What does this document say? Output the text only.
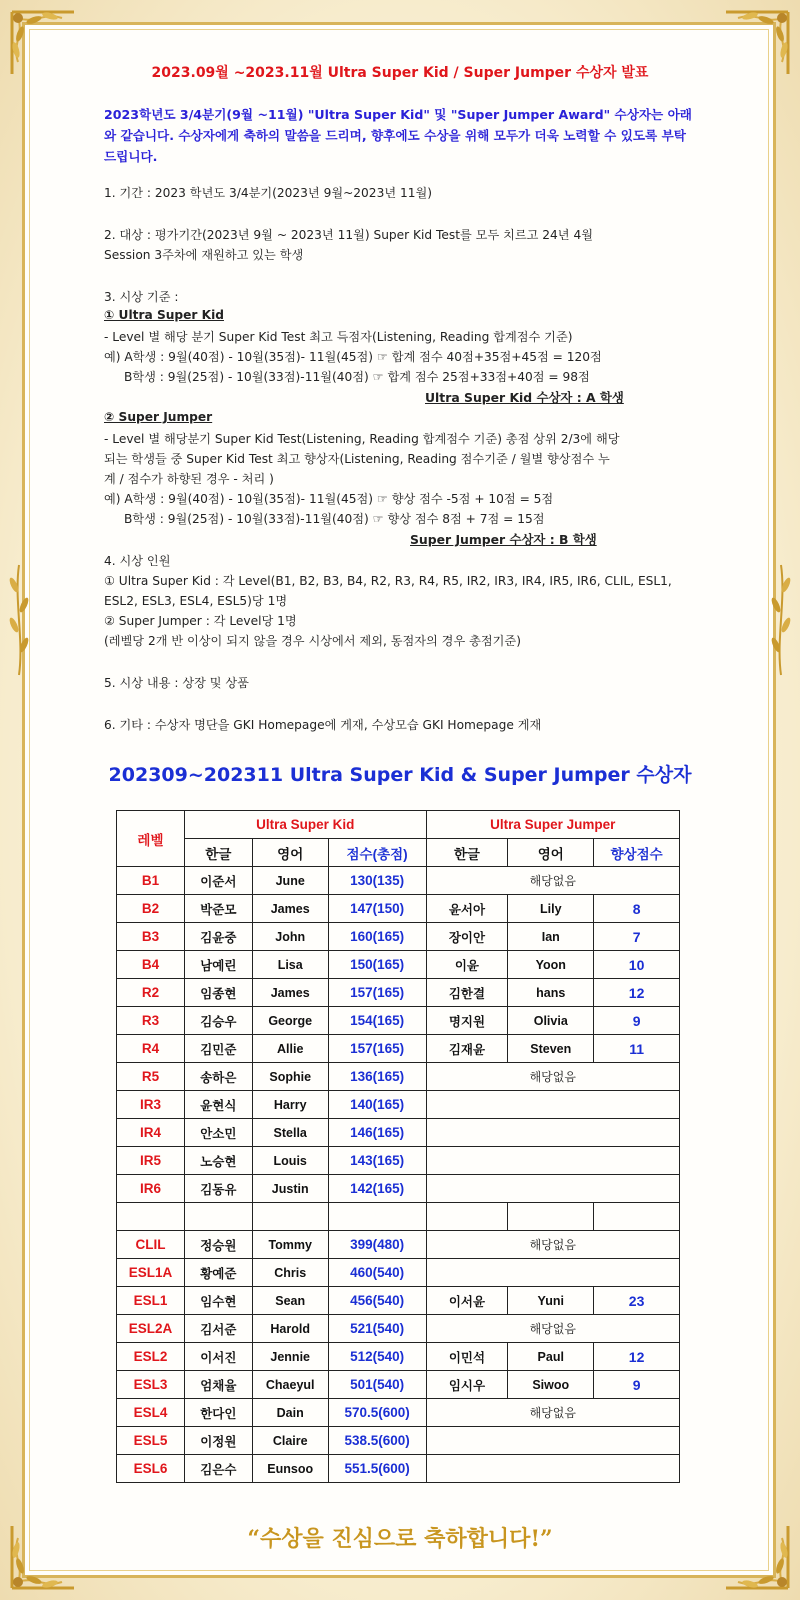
2023.09월 ~2023.11월 Ultra Super Kid / Super Jumper 수상자 발표
2023학년도 3/4분기(9월 ~11월) "Ultra Super Kid" 및 "Super Jumper Award" 수상자는 아래와 같습니다. 수상자에게 축하의 말씀을 드리며, 향후에도 수상을 위해 모두가 더욱 노력할 수 있도록 부탁 드립니다.
1. 기간 : 2023 학년도 3/4분기(2023년 9월~2023년 11월)
2. 대상 : 평가기간(2023년 9월 ~ 2023년 11월) Super Kid Test를 모두 치르고 24년 4월
Session 3주차에 재원하고 있는 학생
3. 시상 기준 :
① Ultra Super Kid
- Level 별 해당 분기 Super Kid Test 최고 득점자(Listening, Reading 합계점수 기준)
예) A학생 : 9월(40점) - 10월(35점)- 11월(45점) ☞ 합계 점수 40점+35점+45점 = 120점
B학생 : 9월(25점) - 10월(33점)-11월(40점) ☞ 합계 점수 25점+33점+40점 = 98점
Ultra Super Kid 수상자 : A 학생
② Super Jumper
- Level 별 해당분기 Super Kid Test(Listening, Reading 합계점수 기준) 총점 상위 2/3에 해당
되는 학생들 중 Super Kid Test 최고 향상자(Listening, Reading 점수기준 / 월별 향상점수 누
계 / 점수가 하향된 경우 - 처리 )
예) A학생 : 9월(40점) - 10월(35점)- 11월(45점) ☞ 향상 점수 -5점 + 10점 = 5점
B학생 : 9월(25점) - 10월(33점)-11월(40점) ☞ 향상 점수 8점 + 7점 = 15점
Super Jumper 수상자 : B 학생
4. 시상 인원
① Ultra Super Kid : 각 Level(B1, B2, B3, B4, R2, R3, R4, R5, IR2, IR3, IR4, IR5, IR6, CLIL, ESL1,
ESL2, ESL3, ESL4, ESL5)당 1명
② Super Jumper : 각 Level당 1명
(레벨당 2개 반 이상이 되지 않을 경우 시상에서 제외, 동점자의 경우 총점기준)
5. 시상 내용 : 상장 및 상품
6. 기타 : 수상자 명단을 GKI Homepage에 게재, 수상모습 GKI Homepage 게재
202309~202311 Ultra Super Kid & Super Jumper 수상자
레벨	Ultra Super Kid			Ultra Super Jumper		
	한글	영어	점수(총점)	한글	영어	향상점수
B1	이준서	June	130(135)	해당없음		
B2	박준모	James	147(150)	윤서아	Lily	8
B3	김윤중	John	160(165)	장이안	Ian	7
B4	남예린	Lisa	150(165)	이윤	Yoon	10
R2	임종현	James	157(165)	김한결	hans	12
R3	김승우	George	154(165)	명지원	Olivia	9
R4	김민준	Allie	157(165)	김재윤	Steven	11
R5	송하은	Sophie	136(165)	해당없음		
IR3	윤현식	Harry	140(165)			
IR4	안소민	Stella	146(165)			
IR5	노승현	Louis	143(165)			
IR6	김동유	Justin	142(165)			

CLIL	정승원	Tommy	399(480)	해당없음		
ESL1A	황예준	Chris	460(540)			
ESL1	임수현	Sean	456(540)	이서윤	Yuni	23
ESL2A	김서준	Harold	521(540)	해당없음		
ESL2	이서진	Jennie	512(540)	이민석	Paul	12
ESL3	엄채율	Chaeyul	501(540)	임시우	Siwoo	9
ESL4	한다인	Dain	570.5(600)	해당없음		
ESL5	이정원	Claire	538.5(600)			
ESL6	김은수	Eunsoo	551.5(600)			
“수상을 진심으로 축하합니다!”
